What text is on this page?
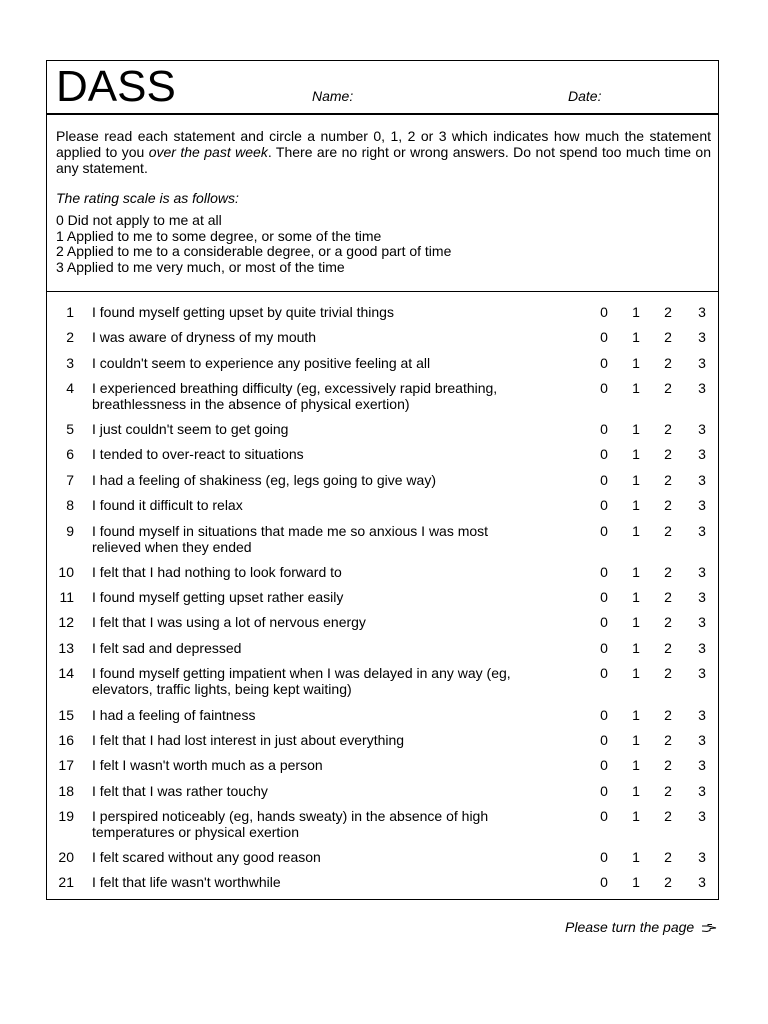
DASS	Name:	Date:
Please read each statement and circle a number 0, 1, 2 or 3 which indicates how much the statement applied to you over the past week. There are no right or wrong answers. Do not spend too much time on any statement.
The rating scale is as follows:
0 Did not apply to me at all
1 Applied to me to some degree, or some of the time
2 Applied to me to a considerable degree, or a good part of time
3 Applied to me very much, or most of the time
1 I found myself getting upset by quite trivial things	0 1 2 3
2 I was aware of dryness of my mouth	0 1 2 3
3 I couldn't seem to experience any positive feeling at all	0 1 2 3
4 I experienced breathing difficulty (eg, excessively rapid breathing, breathlessness in the absence of physical exertion)
0 1 2 3
5 I just couldn't seem to get going	0 1 2 3
6 I tended to over-react to situations	0 1 2 3
7 I had a feeling of shakiness (eg, legs going to give way)	0 1 2 3
8 I found it difficult to relax	0 1 2 3
9 I found myself in situations that made me so anxious I was most relieved when they ended
0 1 2 3
10 I felt that I had nothing to look forward to	0 1 2 3
11 I found myself getting upset rather easily	0 1 2 3
12 I felt that I was using a lot of nervous energy	0 1 2 3
13 I felt sad and depressed	0 1 2 3
14 I found myself getting impatient when I was delayed in any way (eg, elevators, traffic lights, being kept waiting)
0 1 2 3
15 I had a feeling of faintness	0 1 2 3
16 I felt that I had lost interest in just about everything	0 1 2 3
17 I felt I wasn't worth much as a person	0 1 2 3
18 I felt that I was rather touchy	0 1 2 3
19 I perspired noticeably (eg, hands sweaty) in the absence of high temperatures or physical exertion
0 1 2 3
20 I felt scared without any good reason	0 1 2 3
21 I felt that life wasn't worthwhile	0 1 2 3
Please turn the page
